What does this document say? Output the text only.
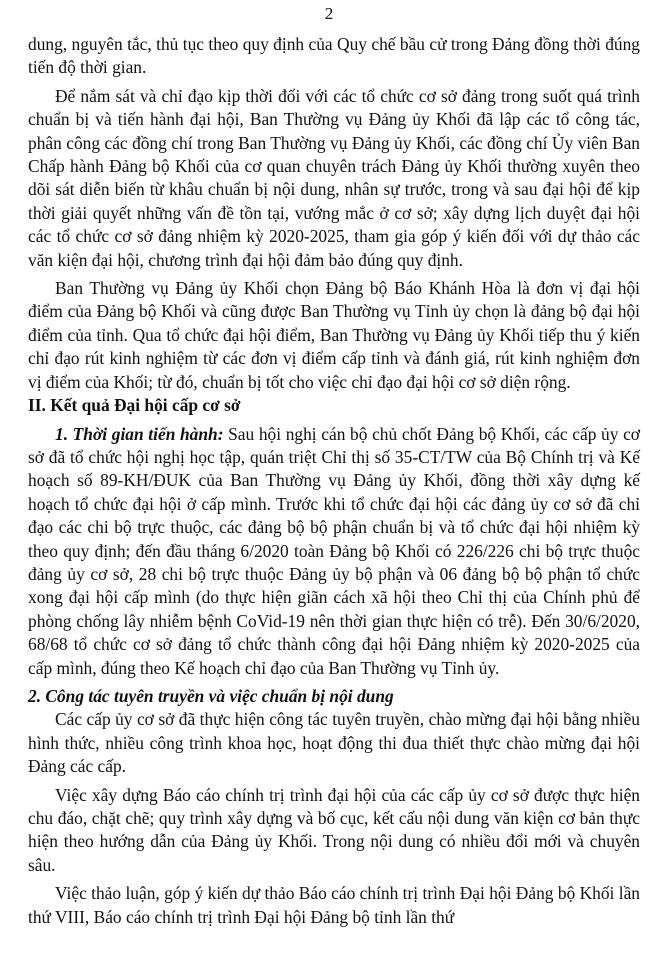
2

dung, nguyên tắc, thủ tục theo quy định của Quy chế bầu cử trong Đảng đồng thời đúng tiến độ thời gian.

Để nắm sát và chỉ đạo kịp thời đối với các tổ chức cơ sở đảng trong suốt quá trình chuẩn bị và tiến hành đại hội, Ban Thường vụ Đảng ủy Khối đã lập các tổ công tác, phân công các đồng chí trong Ban Thường vụ Đảng ủy Khối, các đồng chí Ủy viên Ban Chấp hành Đảng bộ Khối của cơ quan chuyên trách Đảng ủy Khối thường xuyên theo dõi sát diễn biến từ khâu chuẩn bị nội dung, nhân sự trước, trong và sau đại hội để kịp thời giải quyết những vấn đề tồn tại, vướng mắc ở cơ sở; xây dựng lịch duyệt đại hội các tổ chức cơ sở đảng nhiệm kỳ 2020-2025, tham gia góp ý kiến đối với dự thảo các văn kiện đại hội, chương trình đại hội đảm bảo đúng quy định.

Ban Thường vụ Đảng ủy Khối chọn Đảng bộ Báo Khánh Hòa là đơn vị đại hội điểm của Đảng bộ Khối và cũng được Ban Thường vụ Tỉnh ủy chọn là đảng bộ đại hội điểm của tỉnh. Qua tổ chức đại hội điểm, Ban Thường vụ Đảng ủy Khối tiếp thu ý kiến chỉ đạo rút kinh nghiệm từ các đơn vị điểm cấp tỉnh và đánh giá, rút kinh nghiệm đơn vị điểm của Khối; từ đó, chuẩn bị tốt cho việc chỉ đạo đại hội cơ sở diện rộng.

II. Kết quả Đại hội cấp cơ sở

1. Thời gian tiến hành: Sau hội nghị cán bộ chủ chốt Đảng bộ Khối, các cấp ủy cơ sở đã tổ chức hội nghị học tập, quán triệt Chỉ thị số 35-CT/TW của Bộ Chính trị và Kế hoạch số 89-KH/ĐUK của Ban Thường vụ Đảng ủy Khối, đồng thời xây dựng kế hoạch tổ chức đại hội ở cấp mình. Trước khi tổ chức đại hội các đảng ủy cơ sở đã chỉ đạo các chi bộ trực thuộc, các đảng bộ bộ phận chuẩn bị và tổ chức đại hội nhiệm kỳ theo quy định; đến đầu tháng 6/2020 toàn Đảng bộ Khối có 226/226 chi bộ trực thuộc đảng ủy cơ sở, 28 chi bộ trực thuộc Đảng ủy bộ phận và 06 đảng bộ bộ phận tổ chức xong đại hội cấp mình (do thực hiện giãn cách xã hội theo Chỉ thị của Chính phủ để phòng chống lây nhiễm bệnh CoVid-19 nên thời gian thực hiện có trễ). Đến 30/6/2020, 68/68 tổ chức cơ sở đảng tổ chức thành công đại hội Đảng nhiệm kỳ 2020-2025 của cấp mình, đúng theo Kế hoạch chỉ đạo của Ban Thường vụ Tỉnh ủy.

2. Công tác tuyên truyền và việc chuẩn bị nội dung

Các cấp ủy cơ sở đã thực hiện công tác tuyên truyền, chào mừng đại hội bằng nhiều hình thức, nhiều công trình khoa học, hoạt động thi đua thiết thực chào mừng đại hội Đảng các cấp.

Việc xây dựng Báo cáo chính trị trình đại hội của các cấp ủy cơ sở được thực hiện chu đáo, chặt chẽ; quy trình xây dựng và bố cục, kết cấu nội dung văn kiện cơ bản thực hiện theo hướng dẫn của Đảng ủy Khối. Trong nội dung có nhiều đổi mới và chuyên sâu.

Việc thảo luận, góp ý kiến dự thảo Báo cáo chính trị trình Đại hội Đảng bộ Khối lần thứ VIII, Báo cáo chính trị trình Đại hội Đảng bộ tỉnh lần thứ
